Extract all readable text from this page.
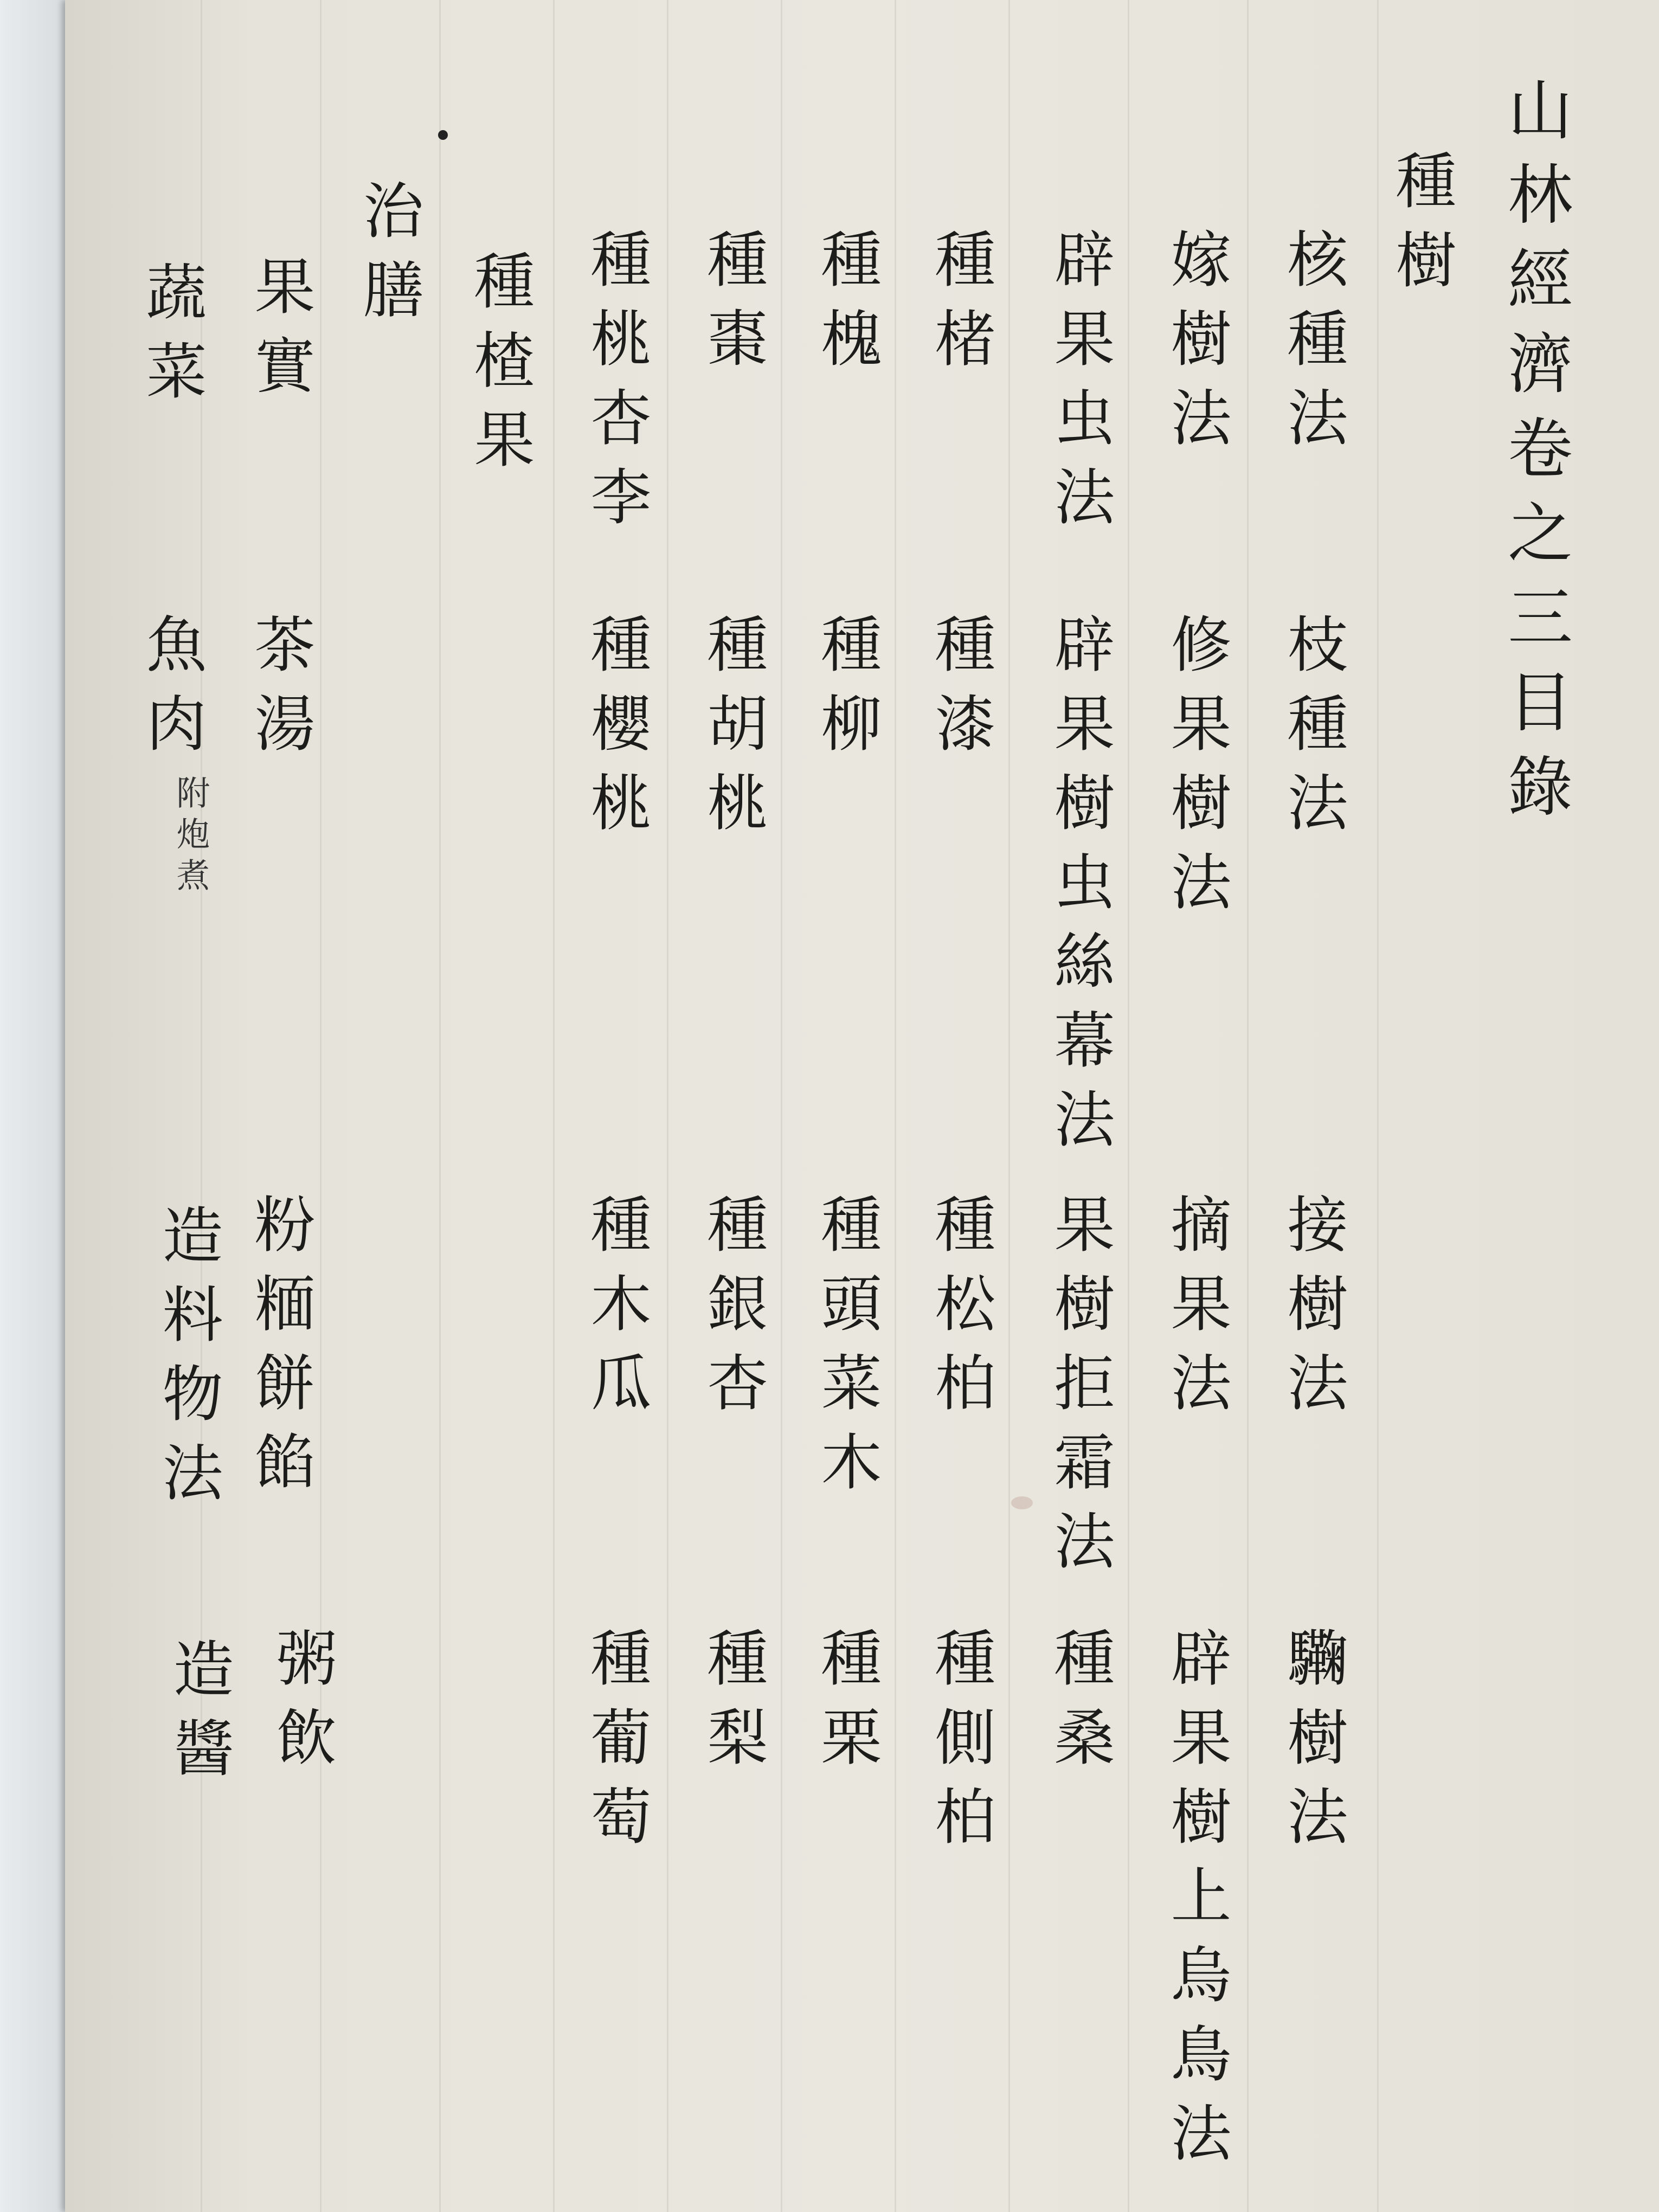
山林經濟卷之三目錄
種樹
核種法
枝種法
接樹法
驧樹法
嫁樹法
修果樹法
摘果法
辟果樹上烏鳥法
辟果虫法
辟果樹虫絲幕法
果樹拒霜法
種桑
種楮
種漆
種松柏
種側柏
種槐
種柳
種頭菜木
種栗
種棗
種胡桃
種銀杏
種梨
種桃杏李
種櫻桃
種木瓜
種葡萄
種楂果
治膳
果實
茶湯
粉糆餅餡
粥飲
蔬菜
魚肉
附炮煮
造料物法
造醬
